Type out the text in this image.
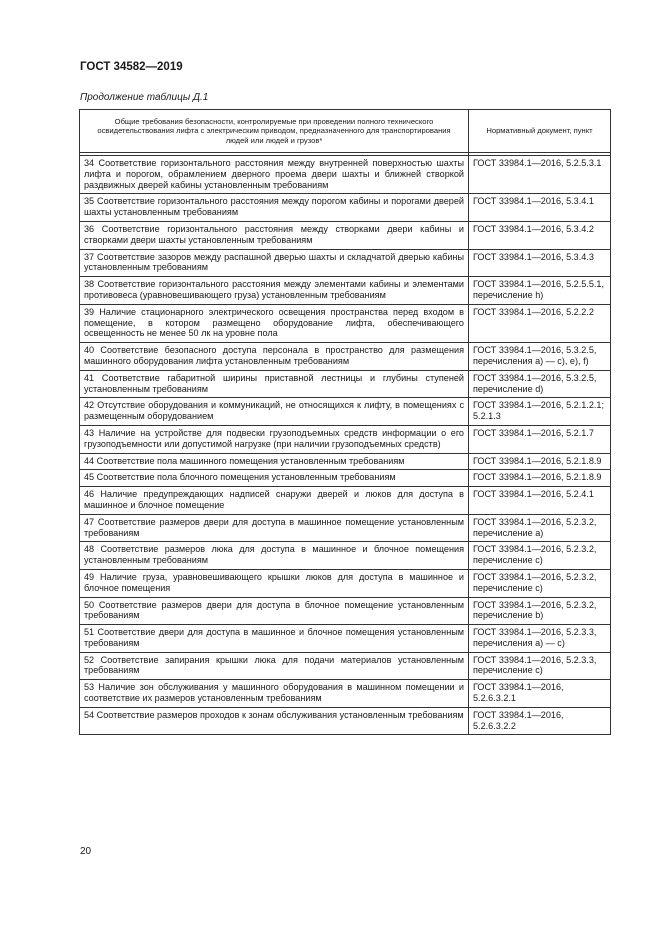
ГОСТ 34582—2019
Продолжение таблицы Д.1
Общие требования безопасности, контролируемые при проведении полного технического освидетельствования лифта с электрическим приводом, предназначенного для транспортирования людей или людей и грузов*	Нормативный документ, пункт

34 Соответствие горизонтального расстояния между внутренней поверхностью шахты лифта и порогом, обрамлением дверного проема двери шахты и ближней створкой раздвижных дверей кабины установленным требованиям	ГОСТ 33984.1—2016, 5.2.5.3.1
35 Соответствие горизонтального расстояния между порогом кабины и порогами дверей шахты установленным требованиям	ГОСТ 33984.1—2016, 5.3.4.1
36 Соответствие горизонтального расстояния между створками двери кабины и створками двери шахты установленным требованиям	ГОСТ 33984.1—2016, 5.3.4.2
37 Соответствие зазоров между распашной дверью шахты и складчатой дверью кабины установленным требованиям	ГОСТ 33984.1—2016, 5.3.4.3
38 Соответствие горизонтального расстояния между элементами кабины и элементами противовеса (уравновешивающего груза) установленным требованиям	ГОСТ 33984.1—2016, 5.2.5.5.1, перечисление h)
39 Наличие стационарного электрического освещения пространства перед входом в помещение, в котором размещено оборудование лифта, обеспечивающего освещенность не менее 50 лк на уровне пола	ГОСТ 33984.1—2016, 5.2.2.2
40 Соответствие безопасного доступа персонала в пространство для размещения машинного оборудования лифта установленным требованиям	ГОСТ 33984.1—2016, 5.3.2.5, перечисления а) — с), е), f)
41 Соответствие габаритной ширины приставной лестницы и глубины ступеней установленным требованиям	ГОСТ 33984.1—2016, 5.3.2.5, перечисление d)
42 Отсутствие оборудования и коммуникаций, не относящихся к лифту, в помещениях с размещенным оборудованием	ГОСТ 33984.1—2016, 5.2.1.2.1; 5.2.1.3
43 Наличие на устройстве для подвески грузоподъемных средств информации о его грузоподъемности или допустимой нагрузке (при наличии грузоподъемных средств)	ГОСТ 33984.1—2016, 5.2.1.7
44 Соответствие пола машинного помещения установленным требованиям	ГОСТ 33984.1—2016, 5.2.1.8.9
45 Соответствие пола блочного помещения установленным требованиям	ГОСТ 33984.1—2016, 5.2.1.8.9
46 Наличие предупреждающих надписей снаружи дверей и люков для доступа в машинное и блочное помещение	ГОСТ 33984.1—2016, 5.2.4.1
47 Соответствие размеров двери для доступа в машинное помещение установленным требованиям	ГОСТ 33984.1—2016, 5.2.3.2, перечисление а)
48 Соответствие размеров люка для доступа в машинное и блочное помещения установленным требованиям	ГОСТ 33984.1—2016, 5.2.3.2, перечисление с)
49 Наличие груза, уравновешивающего крышки люков для доступа в машинное и блочное помещения	ГОСТ 33984.1—2016, 5.2.3.2, перечисление с)
50 Соответствие размеров двери для доступа в блочное помещение установленным требованиям	ГОСТ 33984.1—2016, 5.2.3.2, перечисление b)
51 Соответствие двери для доступа в машинное и блочное помещения установленным требованиям	ГОСТ 33984.1—2016, 5.2.3.3, перечисления а) — с)
52 Соответствие запирания крышки люка для подачи материалов установленным требованиям	ГОСТ 33984.1—2016, 5.2.3.3, перечисление с)
53 Наличие зон обслуживания у машинного оборудования в машинном помещении и соответствие их размеров установленным требованиям	ГОСТ 33984.1—2016, 5.2.6.3.2.1
54 Соответствие размеров проходов к зонам обслуживания установленным требованиям	ГОСТ 33984.1—2016, 5.2.6.3.2.2
20
